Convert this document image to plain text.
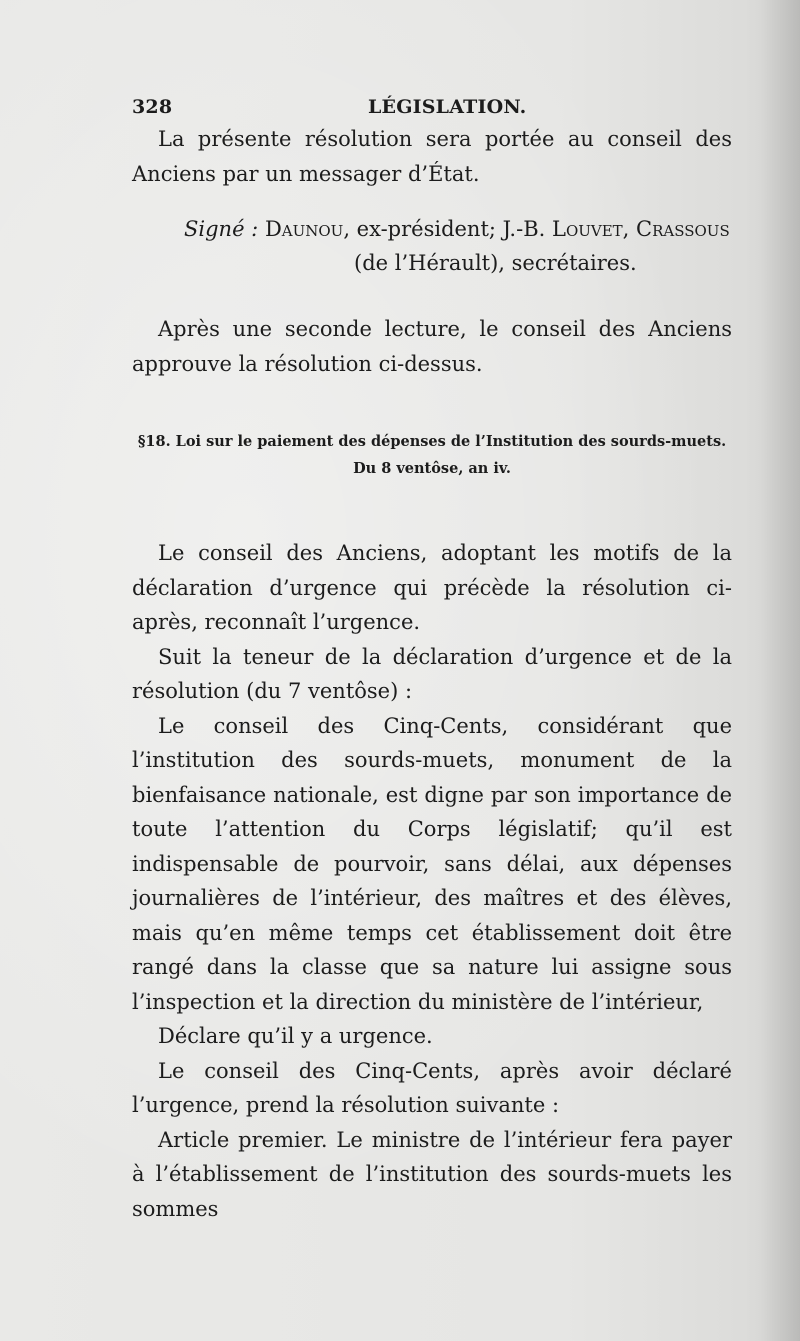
328	LÉGISLATION.

La présente résolution sera portée au conseil des Anciens par un messager d’État.

Signé : Daunou, ex-président; J.-B. Louvet, Crassous
(de l’Hérault), secrétaires.

Après une seconde lecture, le conseil des Anciens approuve la résolution ci-dessus.

§18. Loi sur le paiement des dépenses de l’Institution des sourds-muets.
Du 8 ventôse, an iv.

Le conseil des Anciens, adoptant les motifs de la déclaration d’urgence qui précède la résolution ci-après, reconnaît l’urgence.

Suit la teneur de la déclaration d’urgence et de la résolution (du 7 ventôse) :

Le conseil des Cinq-Cents, considérant que l’institution des sourds-muets, monument de la bienfaisance nationale, est digne par son importance de toute l’attention du Corps législatif; qu’il est indispensable de pourvoir, sans délai, aux dépenses journalières de l’intérieur, des maîtres et des élèves, mais qu’en même temps cet établissement doit être rangé dans la classe que sa nature lui assigne sous l’inspection et la direction du ministère de l’intérieur,

Déclare qu’il y a urgence.

Le conseil des Cinq-Cents, après avoir déclaré l’urgence, prend la résolution suivante :

Article premier. Le ministre de l’intérieur fera payer à l’établissement de l’institution des sourds-muets les sommes
